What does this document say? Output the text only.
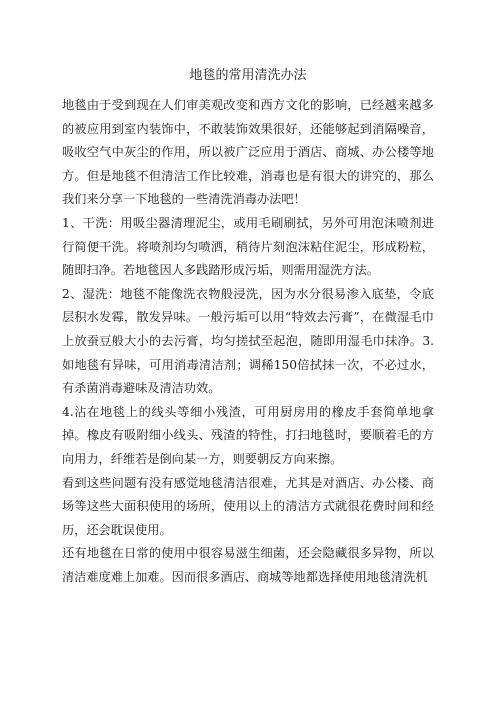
地毯的常用清洗办法

地毯由于受到现在人们审美观改变和西方文化的影响，已经越来越多的被应用到室内装饰中，不敢装饰效果很好，还能够起到消隔噪音，吸收空气中灰尘的作用，所以被广泛应用于酒店、商城、办公楼等地方。但是地毯不但清洁工作比较难，消毒也是有很大的讲究的，那么我们来分享一下地毯的一些清洗消毒办法吧！

1、干洗：用吸尘器清理泥尘，或用毛刷刷拭，另外可用泡沫喷剂进行简便干洗。将喷剂均匀喷洒，稍待片刻泡沫粘住泥尘，形成粉粒，随即扫净。若地毯因人多践踏形成污垢，则需用湿洗方法。

2、湿洗：地毯不能像洗衣物般浸洗，因为水分很易渗入底垫，令底层积水发霉，散发异味。一般污垢可以用“特效去污膏”，在微湿毛巾上放蚕豆般大小的去污膏，均匀搓拭至起泡，随即用湿毛巾抹净。3.如地毯有异味，可用消毒清洁剂；调稀150倍拭抹一次，不必过水，有杀菌消毒避味及清洁功效。

4.沾在地毯上的线头等细小残渣，可用厨房用的橡皮手套简单地拿掉。橡皮有吸附细小线头、残渣的特性，打扫地毯时，要顺着毛的方向用力，纤维若是倒向某一方，则要朝反方向来擦。

看到这些问题有没有感觉地毯清洁很难，尤其是对酒店、办公楼、商场等这些大面积使用的场所，使用以上的清洁方式就很花费时间和经历，还会耽误使用。

还有地毯在日常的使用中很容易滋生细菌，还会隐藏很多异物，所以清洁难度难上加难。因而很多酒店、商城等地都选择使用地毯清洗机
